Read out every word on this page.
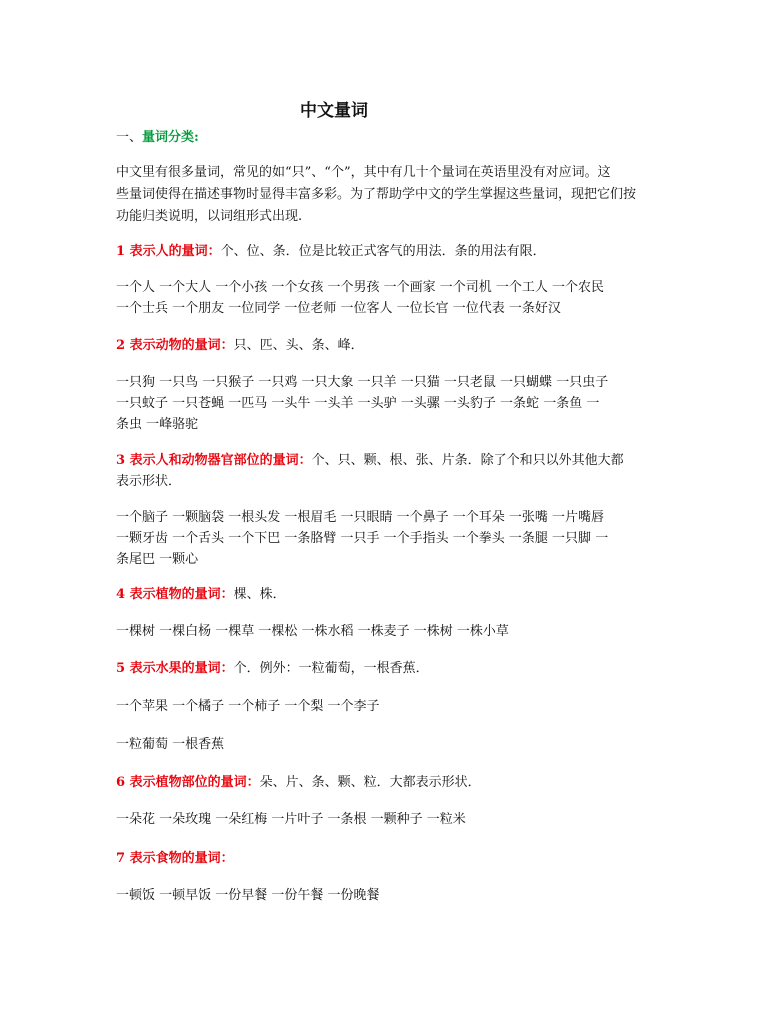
中文量词
一、量词分类:
中文里有很多量词，常见的如“只”、“个”，其中有几十个量词在英语里没有对应词。这
些量词使得在描述事物时显得丰富多彩。为了帮助学中文的学生掌握这些量词，现把它们按
功能归类说明，以词组形式出现.
1 表示人的量词：个、位、条．位是比较正式客气的用法．条的用法有限．
一个人 一个大人 一个小孩 一个女孩 一个男孩 一个画家 一个司机 一个工人 一个农民
一个士兵 一个朋友 一位同学 一位老师 一位客人 一位长官 一位代表 一条好汉
2 表示动物的量词：只、匹、头、条、峰．
一只狗 一只鸟 一只猴子 一只鸡 一只大象 一只羊 一只猫 一只老鼠 一只蝴蝶 一只虫子
一只蚊子 一只苍蝇 一匹马 一头牛 一头羊 一头驴 一头骡 一头豹子 一条蛇 一条鱼 一
条虫 一峰骆驼
3 表示人和动物器官部位的量词：个、只、颗、根、张、片条．除了个和只以外其他大都
表示形状．
一个脑子 一颗脑袋 一根头发 一根眉毛 一只眼睛 一个鼻子 一个耳朵 一张嘴 一片嘴唇
一颗牙齿 一个舌头 一个下巴 一条胳臂 一只手 一个手指头 一个拳头 一条腿 一只脚 一
条尾巴 一颗心
4 表示植物的量词：棵、株．
一棵树 一棵白杨 一棵草 一棵松 一株水稻 一株麦子 一株树 一株小草
5 表示水果的量词：个．例外：一粒葡萄，一根香蕉．
一个苹果 一个橘子 一个柿子 一个梨 一个李子
一粒葡萄 一根香蕉
6 表示植物部位的量词：朵、片、条、颗、粒．大都表示形状．
一朵花 一朵玫瑰 一朵红梅 一片叶子 一条根 一颗种子 一粒米
7 表示食物的量词：
一顿饭 一顿早饭 一份早餐 一份午餐 一份晚餐
